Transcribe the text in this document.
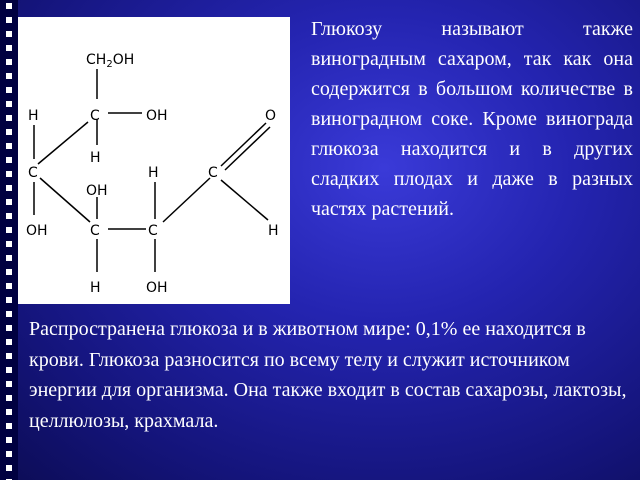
$CH_2OH$
H	C	OH	O
H
C	H	C
OH
OH	C	C	H
H	OH

Глюкозу называют также виноградным сахаром, так как она содержится в большом количестве в виноградном соке. Кроме винограда глюкоза находится и в других сладких плодах и даже в разных частях растений.

Распространена глюкоза и в животном мире: 0,1% ее находится в крови. Глюкоза разносится по всему телу и служит источником энергии для организма. Она также входит в состав сахарозы, лактозы, целлюлозы, крахмала.
